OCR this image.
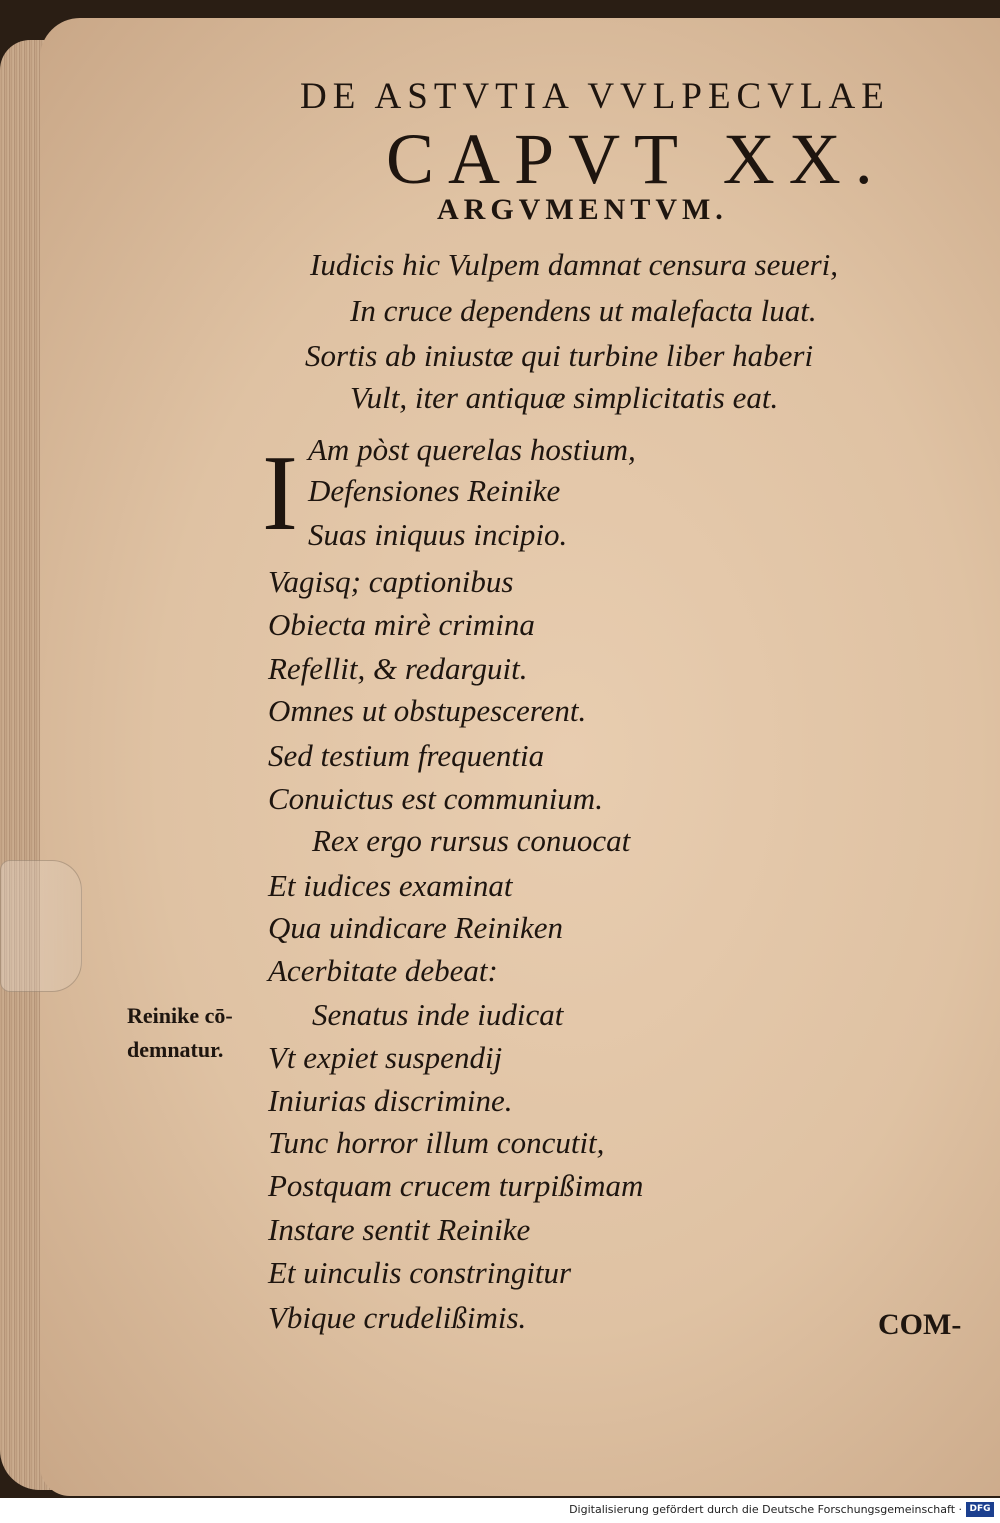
DE ASTVTIA VVLPECVLAE
CAPVT XX.
ARGVMENTVM.
Iudicis hic Vulpem damnat censura seueri,
In cruce dependens ut malefacta luat.
Sortis ab iniustæ qui turbine liber haberi
Vult, iter antiquæ simplicitatis eat.
I Am pòst querelas hostium,
Defensiones Reinike
Suas iniquus incipio.
Vagisq; captionibus
Obiecta mirè crimina
Refellit, & redarguit.
Omnes ut obstupescerent.
Sed testium frequentia
Conuictus est communium.
Rex ergo rursus conuocat
Et iudices examinat
Qua uindicare Reiniken
Acerbitate debeat:
Senatus inde iudicat
Vt expiet suspendij
Iniurias discrimine.
Tunc horror illum concutit,
Postquam crucem turpißimam
Instare sentit Reinike
Et uinculis constringitur
Vbique crudelißimis.
Reinike cō-
demnatur.
COM-
Digitalisierung gefördert durch die Deutsche Forschungsgemeinschaft · DFG
